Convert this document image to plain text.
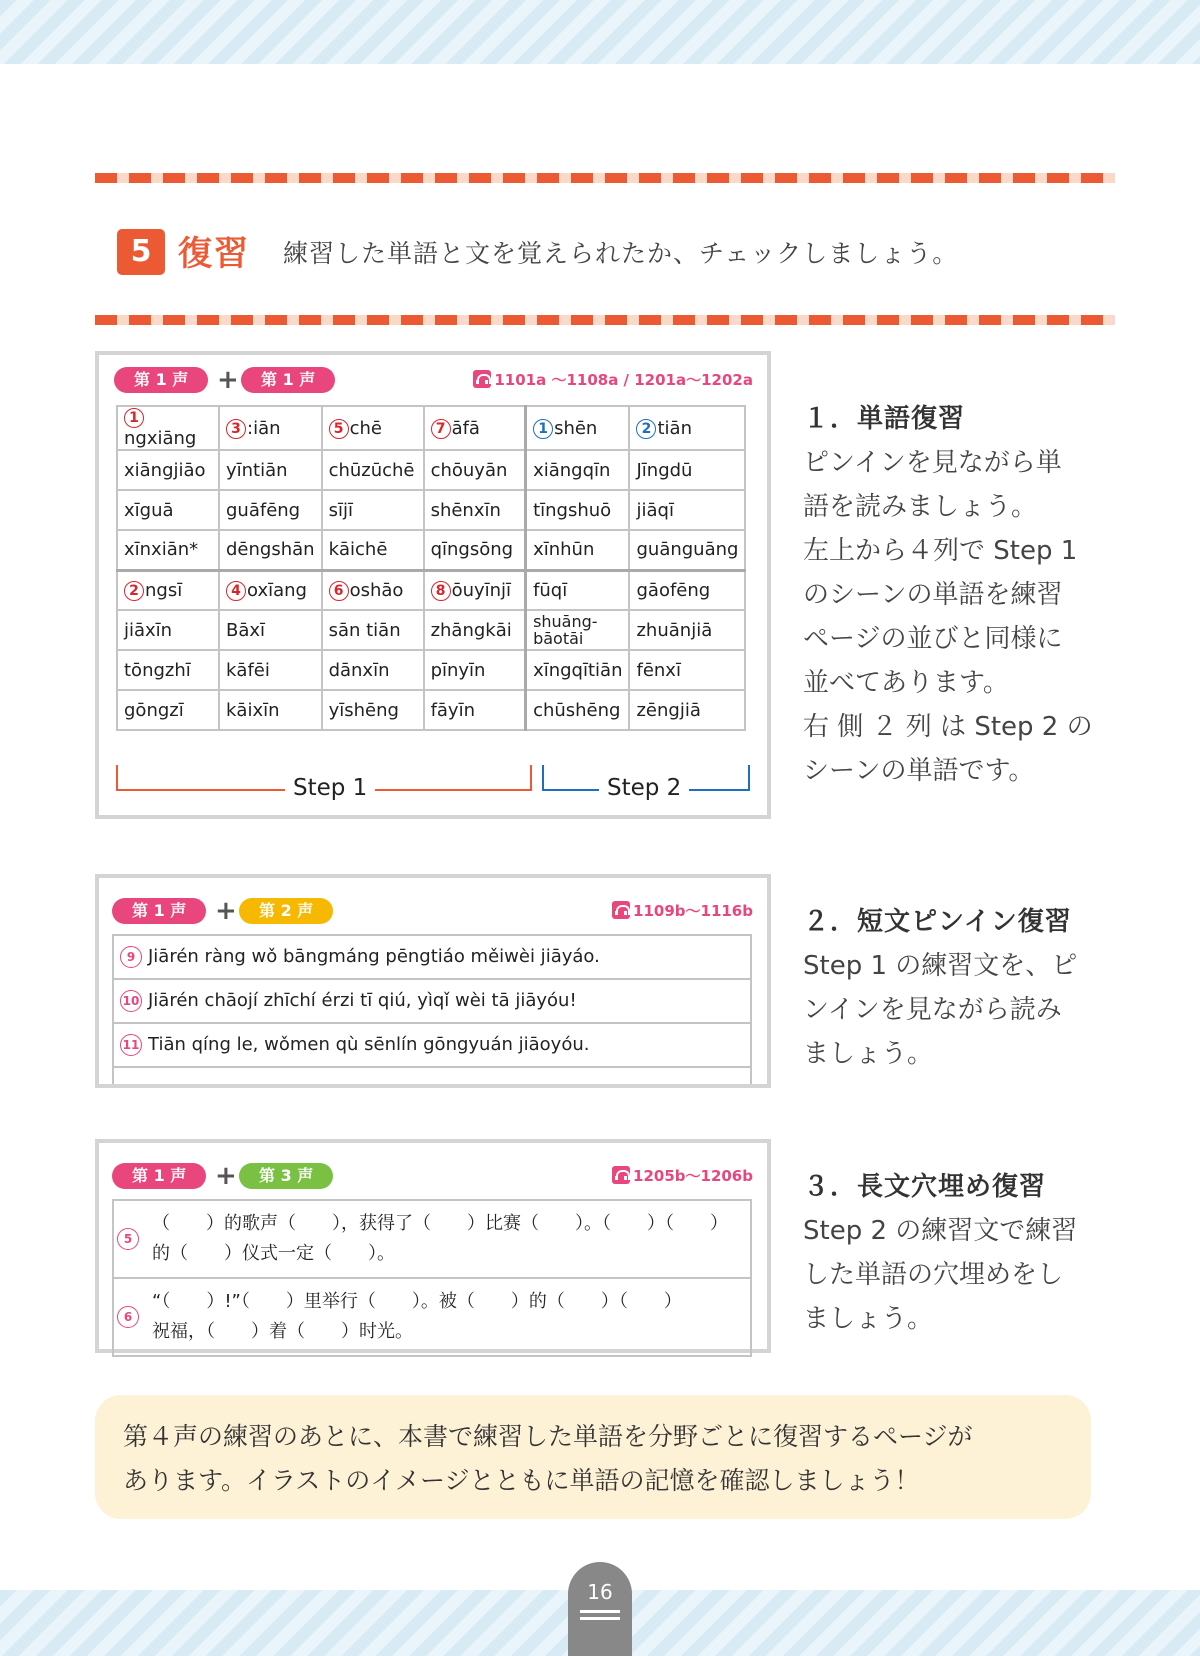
5 復習 練習した単語と文を覚えられたか、チェックしましょう。
第 1 声	+	第 1 声	1101a ～1108a / 1201a～1202a
1ngxiāng	3 :iān	5 chē	7 āfā	1 shēn	2 tiān
xiāngjiāo	yīntiān	chūzūchē	chōuyān	xiāngqīn	Jīngdū
xīguā	guāfēng	sījī	shēnxīn	tīngshuō	jiāqī
xīnxiān*	dēngshān	kāichē	qīngsōng	xīnhūn	guānguāng
2 ngsī	4 oxīang	6 oshāo	8 ōuyīnjī	fūqī	gāofēng
jiāxīn	Bāxī	sān tiān	zhāngkāi	shuāng-bāotāi	zhuānjiā
tōngzhī	kāfēi	dānxīn	pīnyīn	xīngqītiān	fēnxī
gōngzī	kāixīn	yīshēng	fāyīn	chūshēng	zēngjiā
Step 1	Step 2
第 1 声	+	第 2 声	1109b～1116b
9 Jiārén ràng wǒ bāngmáng pēngtiáo měiwèi jiāyáo.
10 Jiārén chāojí zhīchí érzi tī qiú, yìqǐ wèi tā jiāyóu!
11 Tiān qíng le, wǒmen qù sēnlín gōngyuán jiāoyóu.

第 1 声	+	第 3 声	1205b～1206b
5	（　　）的歌声（　　），获得了（　　）比赛（　　）。（　　）（　　）
的（　　）仪式一定（　　）。

6	“（　　）!”（　　）里举行（　　）。被（　　）的（　　）（　　）
祝福，（　　）着（　　）时光。
１．単語復習
ピンインを見ながら単
語を読みましょう。
左上から４列で Step 1
のシーンの単語を練習
ページの並びと同様に
並べてあります。
右 側 ２ 列 は Step 2 の
シーンの単語です。
２．短文ピンイン復習
Step 1 の練習文を、ピ
ンインを見ながら読み
ましょう。
３．長文穴埋め復習
Step 2 の練習文で練習
した単語の穴埋めをし
ましょう。
第４声の練習のあとに、本書で練習した単語を分野ごとに復習するページが
あります。イラストのイメージとともに単語の記憶を確認しましょう！
16
